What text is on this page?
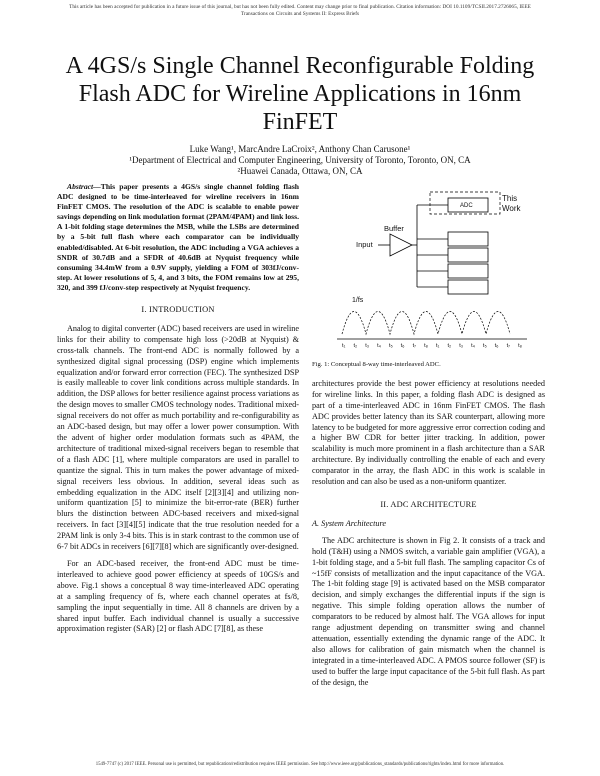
This article has been accepted for publication in a future issue of this journal, but has not been fully edited. Content may change prior to final publication. Citation information: DOI 10.1109/TCSII.2017.2726065, IEEE
Transactions on Circuits and Systems II: Express Briefs
A 4GS/s Single Channel Reconfigurable Folding Flash ADC for Wireline Applications in 16nm FinFET
Luke Wang¹, MarcAndre LaCroix², Anthony Chan Carusone¹
¹Department of Electrical and Computer Engineering, University of Toronto, Toronto, ON, CA
²Huawei Canada, Ottawa, ON, CA

Abstract—This paper presents a 4GS/s single channel folding flash ADC designed to be time-interleaved for wireline receivers in 16nm FinFET CMOS. The resolution of the ADC is scalable to enable power savings depending on link modulation format (2PAM/4PAM) and link loss. A 1-bit folding stage determines the MSB, while the LSBs are determined by a 5-bit full flash where each comparator can be individually enabled/disabled. At 6-bit resolution, the ADC including a VGA achieves a SNDR of 30.7dB and a SFDR of 40.6dB at Nyquist frequency while consuming 34.4mW from a 0.9V supply, yielding a FOM of 303fJ/conv-step. At lower resolutions of 5, 4, and 3 bits, the FOM remains low at 295, 320, and 399 fJ/conv-step respectively at Nyquist frequency.

I. INTRODUCTION

Analog to digital converter (ADC) based receivers are used in wireline links for their ability to compensate high loss (>20dB at Nyquist) & cross-talk channels. The front-end ADC is normally followed by a synthesized digital signal processing (DSP) engine which implements equalization and/or forward error correction (FEC). The synthesized DSP is easily malleable to cover link conditions across multiple standards. In addition, the DSP allows for better resilience against process variations as the design moves to smaller CMOS technology nodes. Traditional mixed-signal receivers do not offer as much portability and re-configurability as an ADC-based design, but may offer a lower power consumption. With the advent of higher order modulation formats such as 4PAM, the architecture of traditional mixed-signal receivers began to resemble that of a flash ADC [1], where multiple comparators are used in parallel to quantize the signal. This in turn makes the power advantage of mixed-signal receivers less obvious. In addition, several ideas such as embedding equalization in the ADC itself [2][3][4] and utilizing non-uniform quantization [5] to minimize the bit-error-rate (BER) further blurs the distinction between ADC-based receivers and mixed-signal receivers. In fact [3][4][5] indicate that the true resolution needed for a 2PAM link is only 3-4 bits. This is in stark contrast to the common use of 6-7 bit ADCs in receivers [6][7][8] which are significantly over-designed.

For an ADC-based receiver, the front-end ADC must be time-interleaved to achieve good power efficiency at speeds of 10GS/s and above. Fig.1 shows a conceptual 8 way time-interleaved ADC operating at a sampling frequency of fs, where each channel operates at fs/8, sampling the input sequentially in time. All 8 channels are driven by a shared input buffer. Each individual channel is usually a successive approximation register (SAR) [2] or flash ADC [7][8], as these

This
Work
ADC
Buffer
Input
1/fs
t₁ t₂ t₃ t₄ t₅ t₆ t₇ t₈ t₁ t₂ t₃ t₄ t₅ t₆ t₇ t₈
Fig. 1: Conceptual 8-way time-interleaved ADC.

architectures provide the best power efficiency at resolutions needed for wireline links. In this paper, a folding flash ADC is designed as part of a time-interleaved ADC in 16nm FinFET CMOS. The flash ADC provides better latency than its SAR counterpart, allowing more latency to be budgeted for more aggressive error correction coding and a higher BW CDR for better jitter tracking. In addition, power scalability is much more prominent in a flash architecture than a SAR architecture. By individually controlling the enable of each and every comparator in the array, the flash ADC in this work is scalable in resolution and can also be used as a non-uniform quantizer.

II. ADC ARCHITECTURE
A. System Architecture

The ADC architecture is shown in Fig 2. It consists of a track and hold (T&H) using a NMOS switch, a variable gain amplifier (VGA), a 1-bit folding stage, and a 5-bit full flash. The sampling capacitor Cs of ~15fF consists of metallization and the input capacitance of the VGA. The 1-bit folding stage [9] is activated based on the MSB comparator decision, and simply exchanges the differential inputs if the sign is negative. This simple folding operation allows the number of comparators to be reduced by almost half. The VGA allows for input range adjustment depending on transmitter swing and channel attenuation, essentially extending the dynamic range of the ADC. It also allows for calibration of gain mismatch when the channel is integrated in a time-interleaved ADC. A PMOS source follower (SF) is used to buffer the large input capacitance of the 5-bit full flash. As part of the design, the

1549-7747 (c) 2017 IEEE. Personal use is permitted, but republication/redistribution requires IEEE permission. See http://www.ieee.org/publications_standards/publications/rights/index.html for more information.
